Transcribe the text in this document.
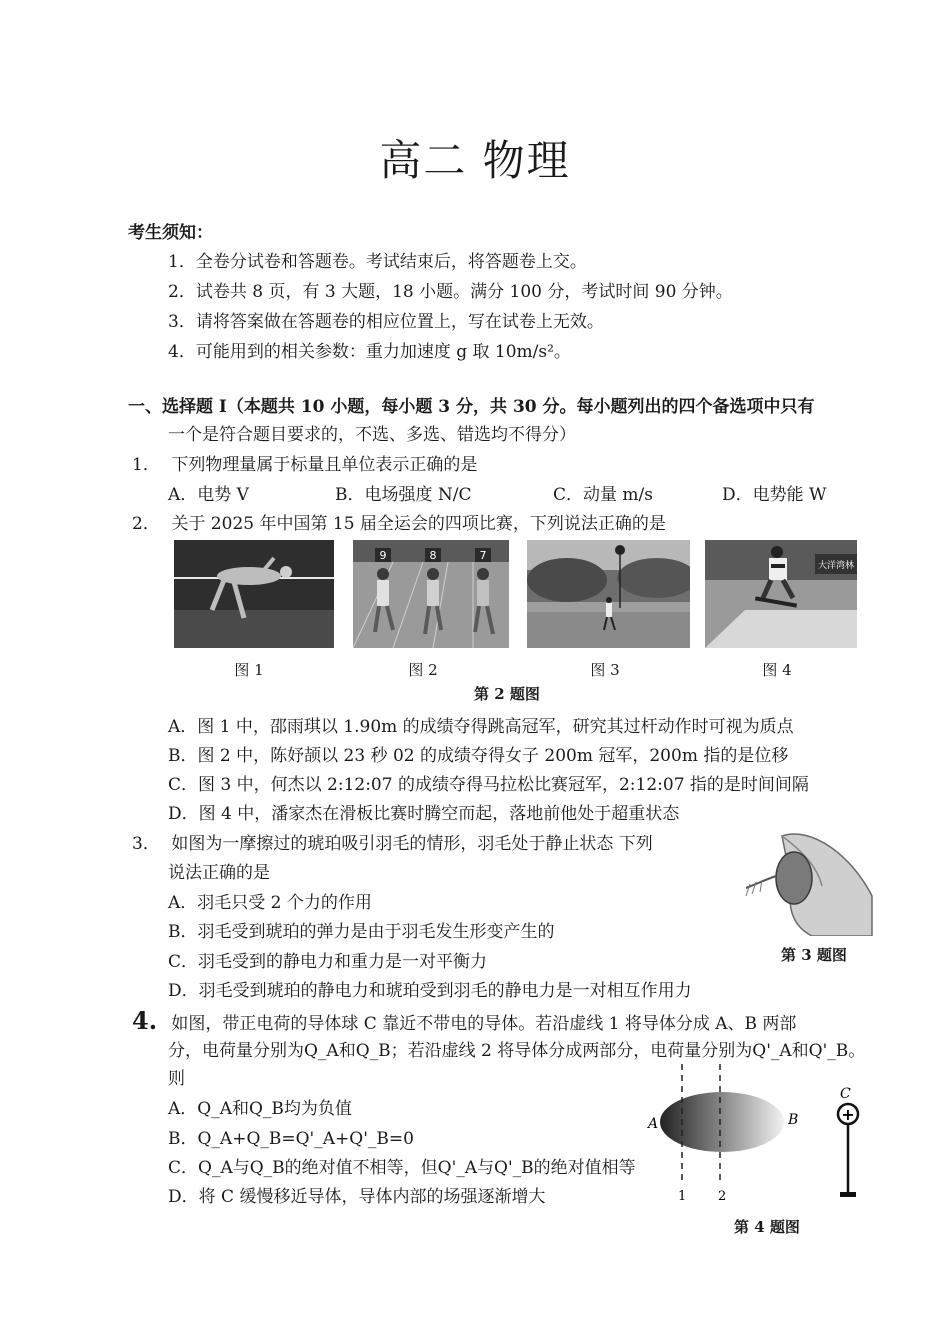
高二 物理
考生须知：
1．全卷分试卷和答题卷。考试结束后，将答题卷上交。
2．试卷共 8 页，有 3 大题，18 小题。满分 100 分，考试时间 90 分钟。
3．请将答案做在答题卷的相应位置上，写在试卷上无效。
4．可能用到的相关参数：重力加速度 g 取 10m/s²。
一、选择题 I（本题共 10 小题，每小题 3 分，共 30 分。每小题列出的四个备选项中只有
一个是符合题目要求的，不选、多选、错选均不得分）
1． 下列物理量属于标量且单位表示正确的是
A．电势 V	B．电场强度 N/C	C．动量 m/s	D．电势能 W
2． 关于 2025 年中国第 15 届全运会的四项比赛，下列说法正确的是
9	8	7
大洋湾林
图 1	图 2	图 3	图 4
第 2 题图
A．图 1 中，邵雨琪以 1.90m 的成绩夺得跳高冠军，研究其过杆动作时可视为质点
B．图 2 中，陈妤颉以 23 秒 02 的成绩夺得女子 200m 冠军，200m 指的是位移
C．图 3 中，何杰以 2:12:07 的成绩夺得马拉松比赛冠军，2:12:07 指的是时间间隔
D．图 4 中，潘家杰在滑板比赛时腾空而起，落地前他处于超重状态
3． 如图为一摩擦过的琥珀吸引羽毛的情形，羽毛处于静止状态 下列
说法正确的是
A．羽毛只受 2 个力的作用
B．羽毛受到琥珀的弹力是由于羽毛发生形变产生的
C．羽毛受到的静电力和重力是一对平衡力
D．羽毛受到琥珀的静电力和琥珀受到羽毛的静电力是一对相互作用力
第 3 题图
4. 如图，带正电荷的导体球 C 靠近不带电的导体。若沿虚线 1 将导体分成 A、B 两部
分，电荷量分别为Q_A和Q_B；若沿虚线 2 将导体分成两部分，电荷量分别为Q'_A和Q'_B。
则
A．Q_A和Q_B均为负值
B．Q_A+Q_B=Q'_A+Q'_B=0
C．Q_A与Q_B的绝对值不相等，但Q'_A与Q'_B的绝对值相等
D．将 C 缓慢移近导体，导体内部的场强逐渐增大
A	B
1 2
C
+
第 4 题图
